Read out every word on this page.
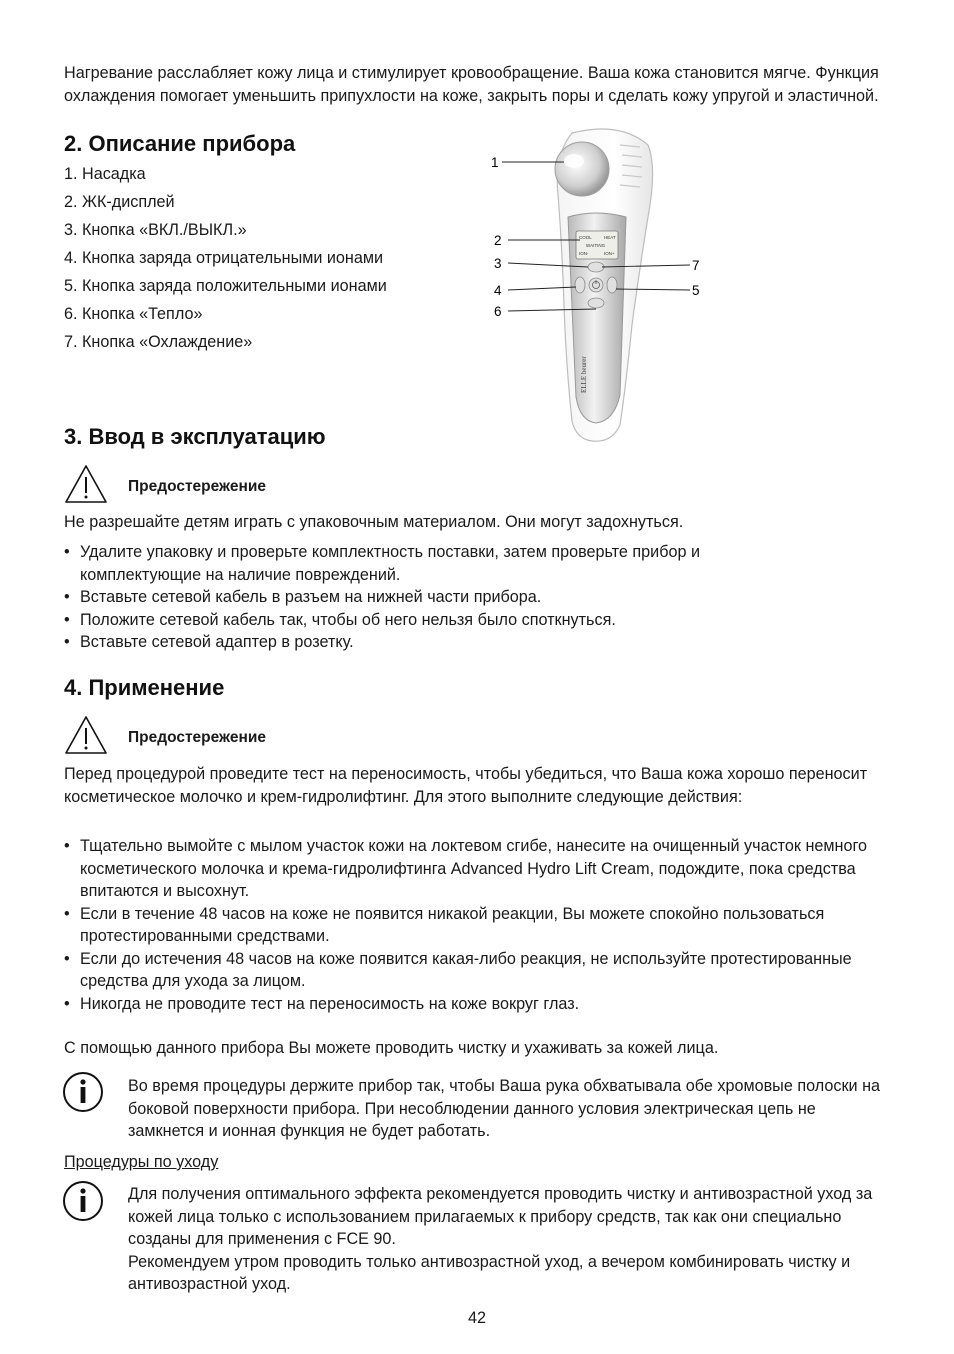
Нагревание расслабляет кожу лица и стимулирует кровообращение. Ваша кожа становится мягче. Функция охлаждения помогает уменьшить припухлости на коже, закрыть поры и сделать кожу упругой и эластичной.

2. Описание прибора
1. Насадка
2. ЖК-дисплей
3. Кнопка «ВКЛ./ВЫКЛ.»
4. Кнопка заряда отрицательными ионами
5. Кнопка заряда положительными ионами
6. Кнопка «Тепло»
7. Кнопка «Охлаждение»
COOL	HEAT
WAITING
ION-	ION+
ELLE beurer
1
2
3
4
6
7
5
3. Ввод в эксплуатацию
Предостережение

Не разрешайте детям играть с упаковочным материалом. Они могут задохнуться.

• Удалите упаковку и проверьте комплектность поставки, затем проверьте прибор и комплектующие на наличие повреждений.

• Вставьте сетевой кабель в разъем на нижней части прибора.

• Положите сетевой кабель так, чтобы об него нельзя было споткнуться.

• Вставьте сетевой адаптер в розетку.

4. Применение
Предостережение

Перед процедурой проведите тест на переносимость, чтобы убедиться, что Ваша кожа хорошо переносит косметическое молочко и крем-гидролифтинг. Для этого выполните следующие действия:

• Тщательно вымойте с мылом участок кожи на локтевом сгибе, нанесите на очищенный участок немного косметического молочка и крема-гидролифтинга Advanced Hydro Lift Cream, подождите, пока средства впитаются и высохнут.

• Если в течение 48 часов на коже не появится никакой реакции, Вы можете спокойно пользоваться протестированными средствами.

• Если до истечения 48 часов на коже появится какая-либо реакция, не используйте протестированные средства для ухода за лицом.

• Никогда не проводите тест на переносимость на коже вокруг глаз.

С помощью данного прибора Вы можете проводить чистку и ухаживать за кожей лица.

Во время процедуры держите прибор так, чтобы Ваша рука обхватывала обе хромовые полоски на боковой поверхности прибора. При несоблюдении данного условия электрическая цепь не замкнется и ионная функция не будет работать.

Процедуры по уходу

Для получения оптимального эффекта рекомендуется проводить чистку и антивозрастной уход за кожей лица только с использованием прилагаемых к прибору средств, так как они специально созданы для применения с FCE 90.

Рекомендуем утром проводить только антивозрастной уход, а вечером комбинировать чистку и антивозрастной уход.

42
